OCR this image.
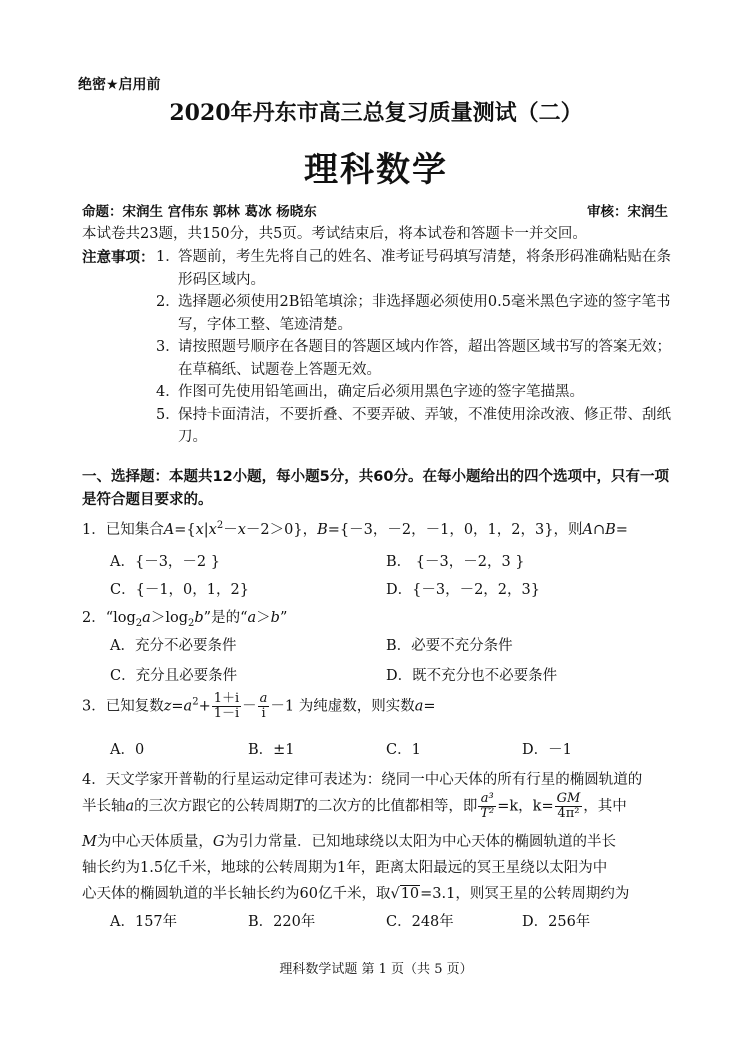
绝密★启用前
2020年丹东市高三总复习质量测试（二）
理科数学
命题：宋润生 宫伟东 郭林 葛冰 杨晓东	审核：宋润生
本试卷共23题，共150分，共5页。考试结束后，将本试卷和答题卡一并交回。
注意事项： 1．
答题前，考生先将自己的姓名、准考证号码填写清楚，将条形码准确粘贴在条形码区域内。
2．
选择题必须使用2B铅笔填涂；非选择题必须使用0.5毫米黑色字迹的签字笔书写，字体工整、笔迹清楚。
3．
请按照题号顺序在各题目的答题区域内作答，超出答题区域书写的答案无效；在草稿纸、试题卷上答题无效。
4．
作图可先使用铅笔画出，确定后必须用黑色字迹的签字笔描黑。
5．
保持卡面清洁，不要折叠、不要弄破、弄皱，不准使用涂改液、修正带、刮纸刀。
一、选择题：本题共12小题，每小题5分，共60分。在每小题给出的四个选项中，只有一项是符合题目要求的。
1．已知集合$A=\{x|x^2-x-2>0\}$，B={－3，－2，－1，0，1，2，3}，则A∩B=
A．{－3，－2 }	B． {－3，－2，3 }
C．{－1，0，1，2}	D．{－3，－2，2，3}
2．“$\log_2a>\log_2b$”是的“a＞b”
A．充分不必要条件	B．必要不充分条件
C．充分且必要条件	D．既不充分也不必要条件
3．已知复数$z=a^2+ \frac{1+i}{1-i} - \frac{a}{i} -1$ 为纯虚数，则实数a=
A．0	B．±1	C．1	D．－1
4．天文学家开普勒的行星运动定律可表述为：绕同一中心天体的所有行星的椭圆轨道的
半长轴a的三次方跟它的公转周期T的二次方的比值都相等，即 $\frac{\text{a³}}{\text{T²}} =k$，$k= \frac{GM}{\text{4π²}}$ ，其中
M为中心天体质量，G为引力常量．已知地球绕以太阳为中心天体的椭圆轨道的半长
轴长约为1.5亿千米，地球的公转周期为1年，距离太阳最远的冥王星绕以太阳为中
心天体的椭圆轨道的半长轴长约为60亿千米，取√10=3.1，则冥王星的公转周期约为
A．157年	B．220年	C．248年	D．256年
理科数学试题 第 1 页（共 5 页）
